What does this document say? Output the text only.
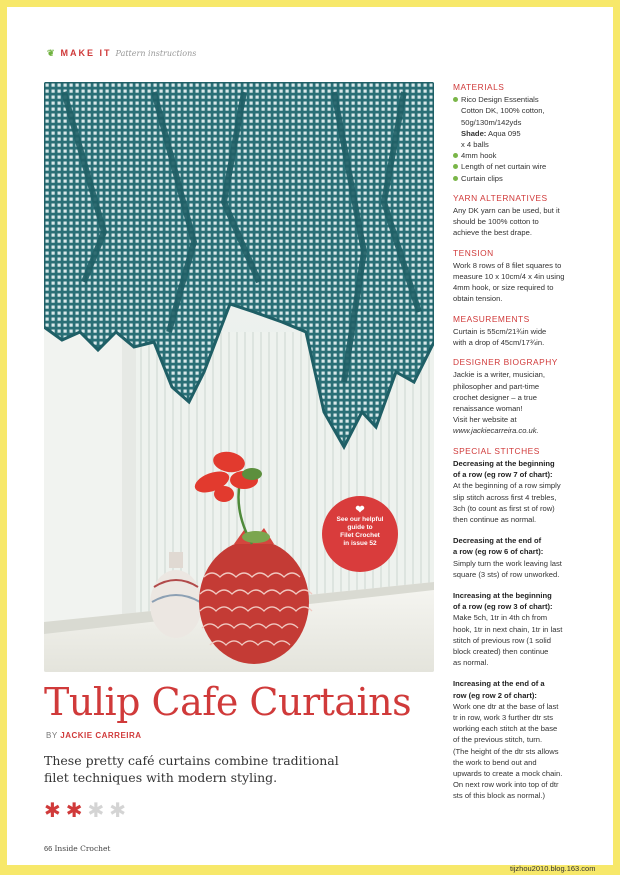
❦ MAKE IT Pattern instructions
❤
See our helpful
guide to
Filet Crochet
in issue 52
Tulip Cafe Curtains
BY JACKIE CARREIRA
These pretty café curtains combine traditional filet techniques with modern styling.
✱ ✱ ✱ ✱
66 Inside Crochet
tijzhou2010.blog.163.com
MATERIALS
Rico Design Essentials
Cotton DK, 100% cotton,
50g/130m/142yds
Shade: Aqua 095
x 4 balls
4mm hook
Length of net curtain wire
Curtain clips
YARN ALTERNATIVES
Any DK yarn can be used, but it
should be 100% cotton to
achieve the best drape.
TENSION
Work 8 rows of 8 filet squares to
measure 10 x 10cm/4 x 4in using
4mm hook, or size required to
obtain tension.
MEASUREMENTS
Curtain is 55cm/21¾in wide
with a drop of 45cm/17¾in.
DESIGNER BIOGRAPHY
Jackie is a writer, musician,
philosopher and part-time
crochet designer – a true
renaissance woman!
Visit her website at
www.jackiecarreira.co.uk.
SPECIAL STITCHES
Decreasing at the beginning
of a row (eg row 7 of chart):
At the beginning of a row simply
slip stitch across first 4 trebles,
3ch (to count as first st of row)
then continue as normal.
Decreasing at the end of
a row (eg row 6 of chart):
Simply turn the work leaving last
square (3 sts) of row unworked.
Increasing at the beginning
of a row (eg row 3 of chart):
Make 5ch, 1tr in 4th ch from
hook, 1tr in next chain, 1tr in last
stitch of previous row (1 solid
block created) then continue
as normal.
Increasing at the end of a
row (eg row 2 of chart):
Work one dtr at the base of last
tr in row, work 3 further dtr sts
working each stitch at the base
of the previous stitch, turn.
(The height of the dtr sts allows
the work to bend out and
upwards to create a mock chain.
On next row work into top of dtr
sts of this block as normal.)
